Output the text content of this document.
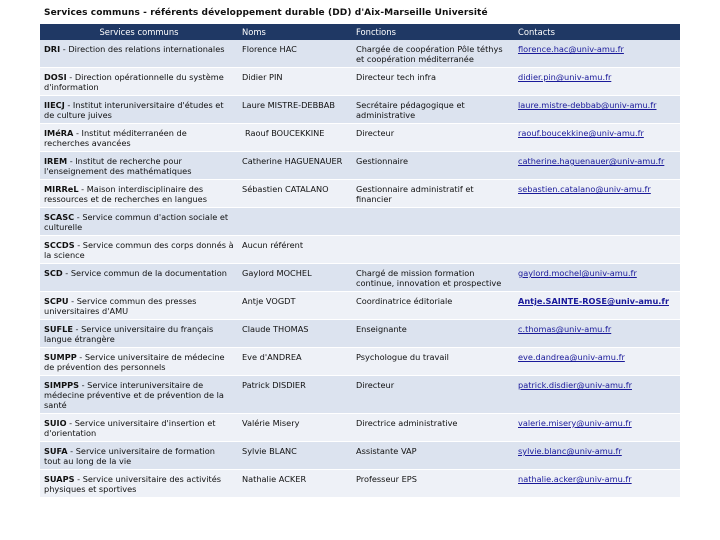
Services communs - référents développement durable (DD) d'Aix-Marseille Université
Services communs	Noms	Fonctions	Contacts
DRI - Direction des relations internationales	Florence HAC	Chargée de coopération Pôle téthys et coopération méditerranée	florence.hac@univ-amu.fr
DOSI - Direction opérationnelle du système d'information	Didier PIN	Directeur tech infra	didier.pin@univ-amu.fr
IIECJ - Institut interuniversitaire d'études et de culture juives	Laure MISTRE-DEBBAB	Secrétaire pédagogique et administrative	laure.mistre-debbab@univ-amu.fr
IMéRA - Institut méditerranéen de recherches avancées	Raouf BOUCEKKINE	Directeur	raouf.boucekkine@univ-amu.fr
IREM - Institut de recherche pour l'enseignement des mathématiques	Catherine HAGUENAUER	Gestionnaire	catherine.haguenauer@univ-amu.fr
MIRReL - Maison interdisciplinaire des ressources et de recherches en langues	Sébastien CATALANO	Gestionnaire administratif et financier	sebastien.catalano@univ-amu.fr
SCASC - Service commun d'action sociale et culturelle			
SCCDS - Service commun des corps donnés à la science	Aucun référent		
SCD - Service commun de la documentation	Gaylord MOCHEL	Chargé de mission formation continue, innovation et prospective	gaylord.mochel@univ-amu.fr
SCPU - Service commun des presses universitaires d'AMU	Antje VOGDT	Coordinatrice éditoriale	Antje.SAINTE-ROSE@univ-amu.fr
SUFLE - Service universitaire du français langue étrangère	Claude THOMAS	Enseignante	c.thomas@univ-amu.fr
SUMPP - Service universitaire de médecine de prévention des personnels	Eve d'ANDREA	Psychologue du travail	eve.dandrea@univ-amu.fr
SIMPPS - Service interuniversitaire de médecine préventive et de prévention de la santé	Patrick DISDIER	Directeur	patrick.disdier@univ-amu.fr
SUIO - Service universitaire d'insertion et d'orientation	Valérie Misery	Directrice administrative	valerie.misery@univ-amu.fr
SUFA - Service universitaire de formation tout au long de la vie	Sylvie BLANC	Assistante VAP	sylvie.blanc@univ-amu.fr
SUAPS - Service universitaire des activités physiques et sportives	Nathalie ACKER	Professeur EPS	nathalie.acker@univ-amu.fr
